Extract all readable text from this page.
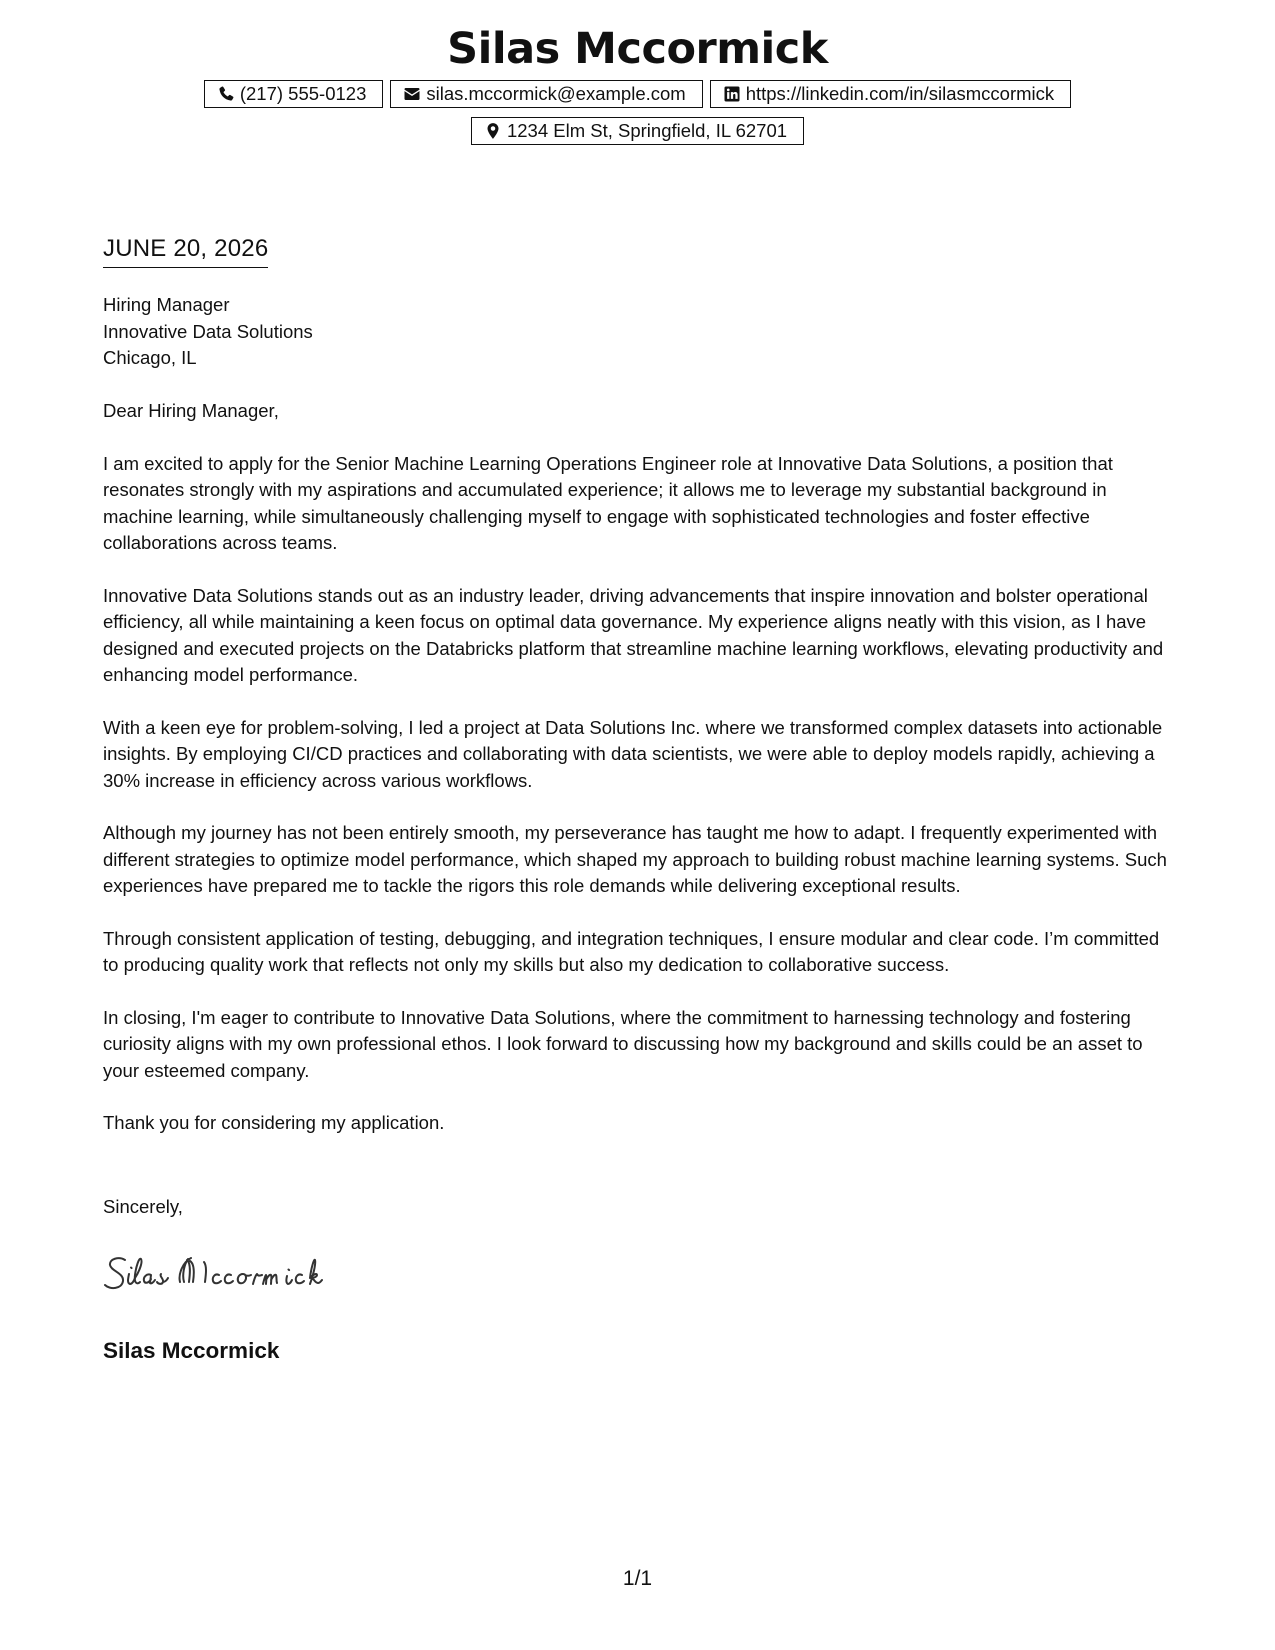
Silas Mccormick
(217) 555-0123	silas.mccormick@example.com	https://linkedin.com/in/silasmccormick
1234 Elm St, Springfield, IL 62701
JUNE 20, 2026
Hiring Manager
Innovative Data Solutions
Chicago, IL

Dear Hiring Manager,

I am excited to apply for the Senior Machine Learning Operations Engineer role at Innovative Data Solutions, a position that resonates strongly with my aspirations and accumulated experience; it allows me to leverage my substantial background in machine learning, while simultaneously challenging myself to engage with sophisticated technologies and foster effective collaborations across teams.

Innovative Data Solutions stands out as an industry leader, driving advancements that inspire innovation and bolster operational efficiency, all while maintaining a keen focus on optimal data governance. My experience aligns neatly with this vision, as I have designed and executed projects on the Databricks platform that streamline machine learning workflows, elevating productivity and enhancing model performance.

With a keen eye for problem-solving, I led a project at Data Solutions Inc. where we transformed complex datasets into actionable insights. By employing CI/CD practices and collaborating with data scientists, we were able to deploy models rapidly, achieving a 30% increase in efficiency across various workflows.

Although my journey has not been entirely smooth, my perseverance has taught me how to adapt. I frequently experimented with different strategies to optimize model performance, which shaped my approach to building robust machine learning systems. Such experiences have prepared me to tackle the rigors this role demands while delivering exceptional results.

Through consistent application of testing, debugging, and integration techniques, I ensure modular and clear code. I’m committed to producing quality work that reflects not only my skills but also my dedication to collaborative success.

In closing, I'm eager to contribute to Innovative Data Solutions, where the commitment to harnessing technology and fostering curiosity aligns with my own professional ethos. I look forward to discussing how my background and skills could be an asset to your esteemed company.

Thank you for considering my application.

Sincerely,
Silas Mccormick
1/1
